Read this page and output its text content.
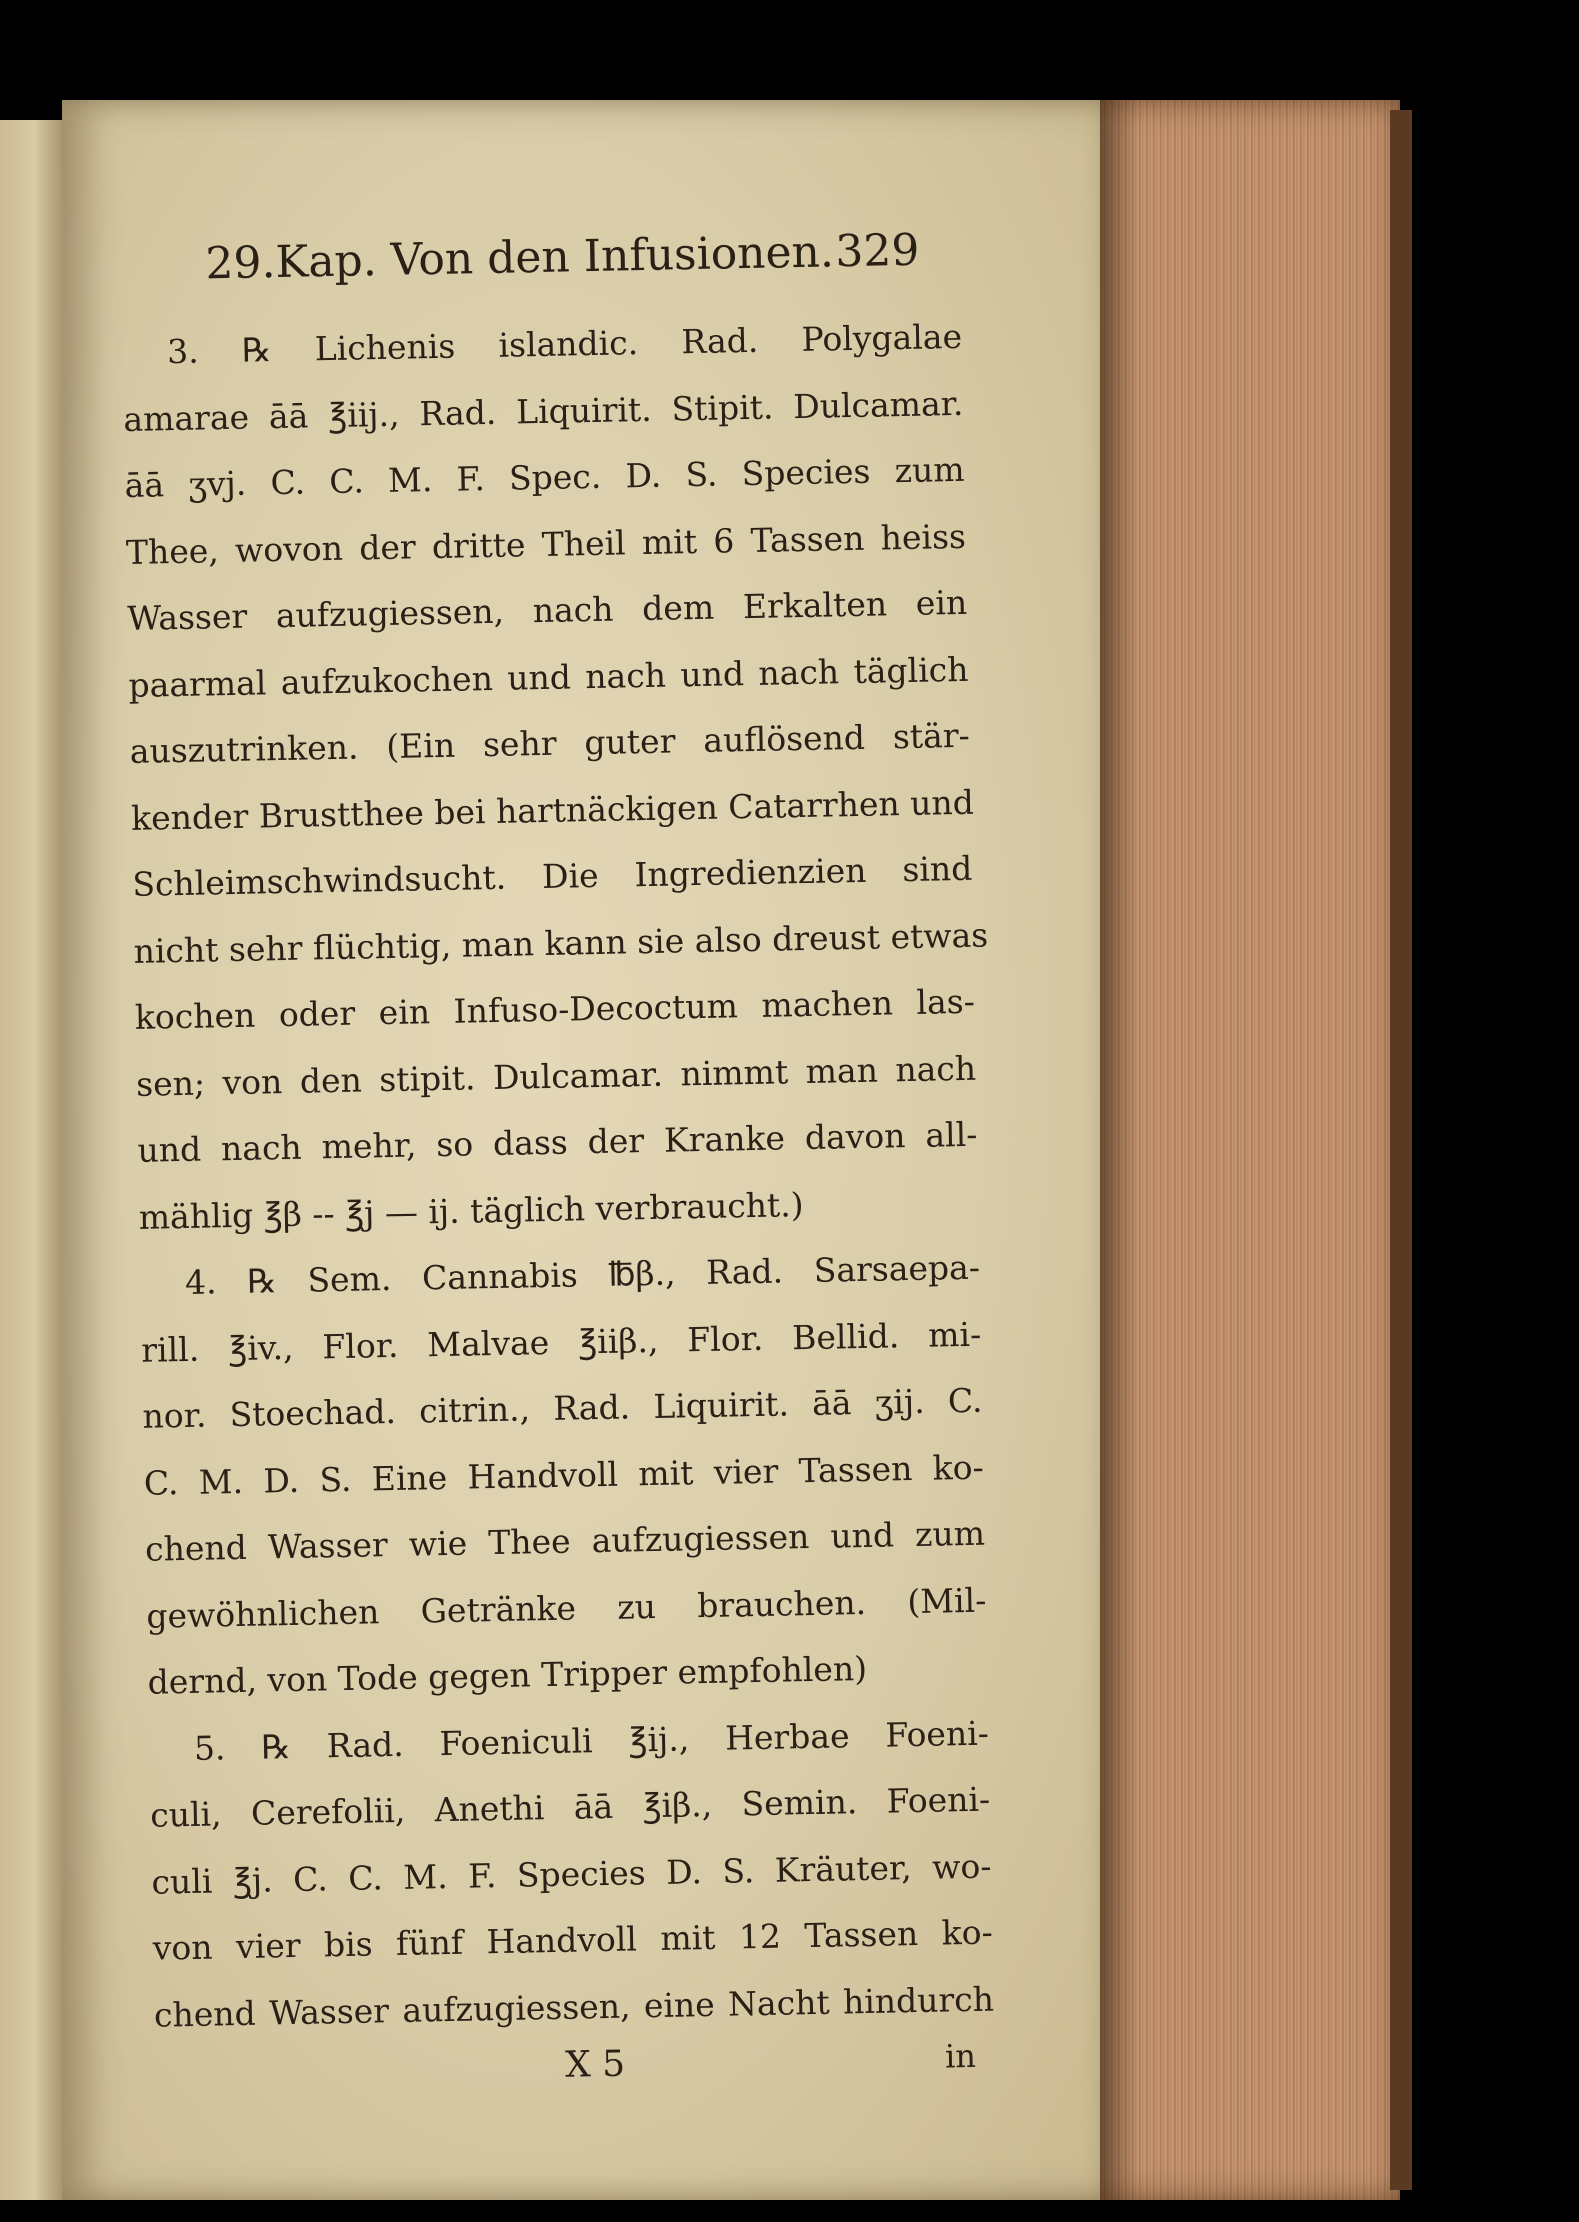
29.Kap. Von den Infusionen. 329
3. ℞ Lichenis islandic. Rad. Polygalae
amarae āā ℥iij., Rad. Liquirit. Stipit. Dulcamar.
āā ʒvj. C. C. M. F. Spec. D. S. Species zum
Thee, wovon der dritte Theil mit 6 Tassen heiss
Wasser aufzugiessen, nach dem Erkalten ein
paarmal aufzukochen und nach und nach täglich
auszutrinken. (Ein sehr guter auflösend stär-
kender Brustthee bei hartnäckigen Catarrhen und
Schleimschwindsucht. Die Ingredienzien sind
nicht sehr flüchtig, man kann sie also dreust etwas
kochen oder ein Infuso-Decoctum machen las-
sen; von den stipit. Dulcamar. nimmt man nach
und nach mehr, so dass der Kranke davon all-
mählig ℥β -- ℥j — ij. täglich verbraucht.)
4. ℞ Sem. Cannabis ℔β., Rad. Sarsaepa-
rill. ℥iv., Flor. Malvae ℥iiβ., Flor. Bellid. mi-
nor. Stoechad. citrin., Rad. Liquirit. āā ʒij. C.
C. M. D. S. Eine Handvoll mit vier Tassen ko-
chend Wasser wie Thee aufzugiessen und zum
gewöhnlichen Getränke zu brauchen. (Mil-
dernd, von Tode gegen Tripper empfohlen)
5. ℞ Rad. Foeniculi ℥ij., Herbae Foeni-
culi, Cerefolii, Anethi āā ℥iβ., Semin. Foeni-
culi ℥j. C. C. M. F. Species D. S. Kräuter, wo-
von vier bis fünf Handvoll mit 12 Tassen ko-
chend Wasser aufzugiessen, eine Nacht hindurch
X 5	in
